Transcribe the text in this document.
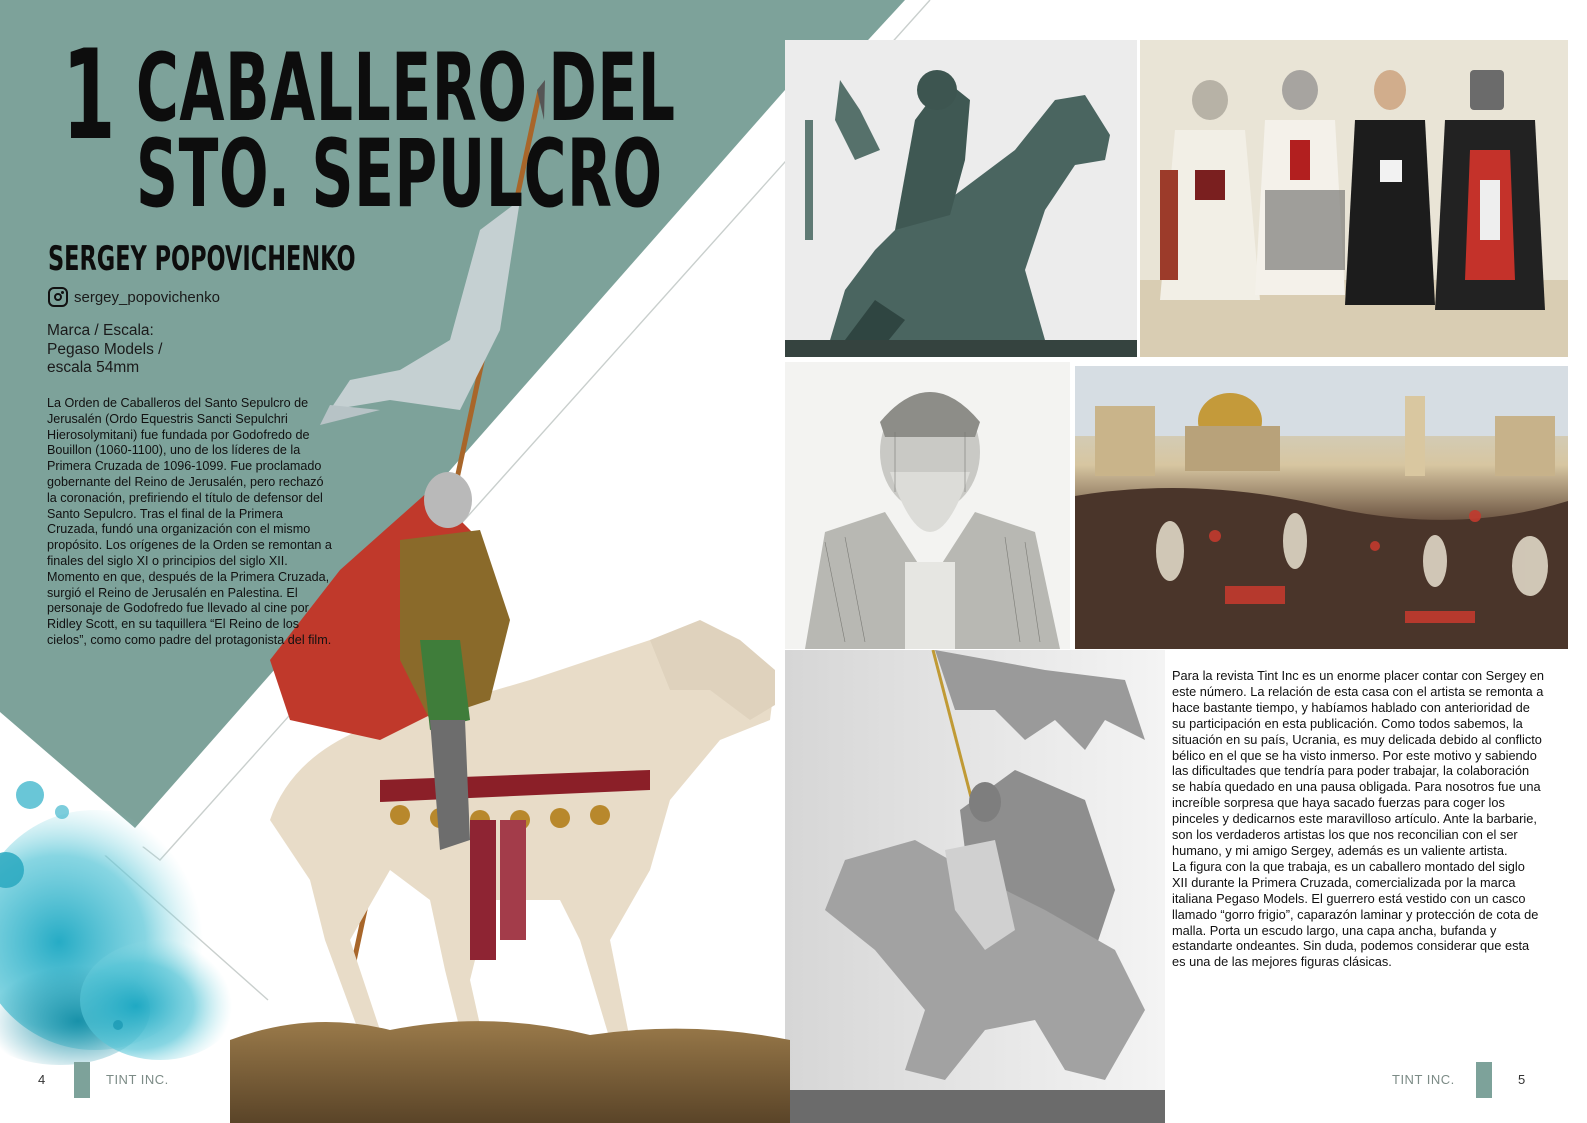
1 CABALLERO DEL
STO. SEPULCRO
SERGEY POPOVICHENKO
sergey_popovichenko
Marca / Escala:
Pegaso Models /
escala 54mm

La Orden de Caballeros del Santo Sepulcro de Jerusalén (Ordo Equestris Sancti Sepulchri Hierosolymitani) fue fundada por Godofredo de Bouillon (1060-1100), uno de los líderes de la Primera Cruzada de 1096-1099. Fue proclamado gobernante del Reino de Jerusalén, pero rechazó la coronación, prefiriendo el título de defensor del Santo Sepulcro. Tras el final de la Primera Cruzada, fundó una organización con el mismo propósito. Los orígenes de la Orden se remontan a finales del siglo XI o principios del siglo XII. Momento en que, después de la Primera Cruzada, surgió el Reino de Jerusalén en Palestina. El personaje de Godofredo fue llevado al cine por Ridley Scott, en su taquillera “El Reino de los cielos”, como como padre del protagonista del film.

Para la revista Tint Inc es un enorme placer contar con Sergey en este número. La relación de esta casa con el artista se remonta a hace bastante tiempo, y habíamos hablado con anterioridad de su participación en esta publicación. Como todos sabemos, la situación en su país, Ucrania, es muy delicada debido al conflicto bélico en el que se ha visto inmerso. Por este motivo y sabiendo las dificultades que tendría para poder trabajar, la colaboración se había quedado en una pausa obligada. Para nosotros fue una increíble sorpresa que haya sacado fuerzas para coger los pinceles y dedicarnos este maravilloso artículo. Ante la barbarie, son los verdaderos artistas los que nos reconcilian con el ser humano, y mi amigo Sergey, además es un valiente artista.

La figura con la que trabaja, es un caballero montado del siglo XII durante la Primera Cruzada, comercializada por la marca italiana Pegaso Models. El guerrero está vestido con un casco llamado “gorro frigio”, caparazón laminar y protección de cota de malla. Porta un escudo largo, una capa ancha, bufanda y estandarte ondeantes. Sin duda, podemos considerar que esta es una de las mejores figuras clásicas.

4	TINT INC.	TINT INC.	5
